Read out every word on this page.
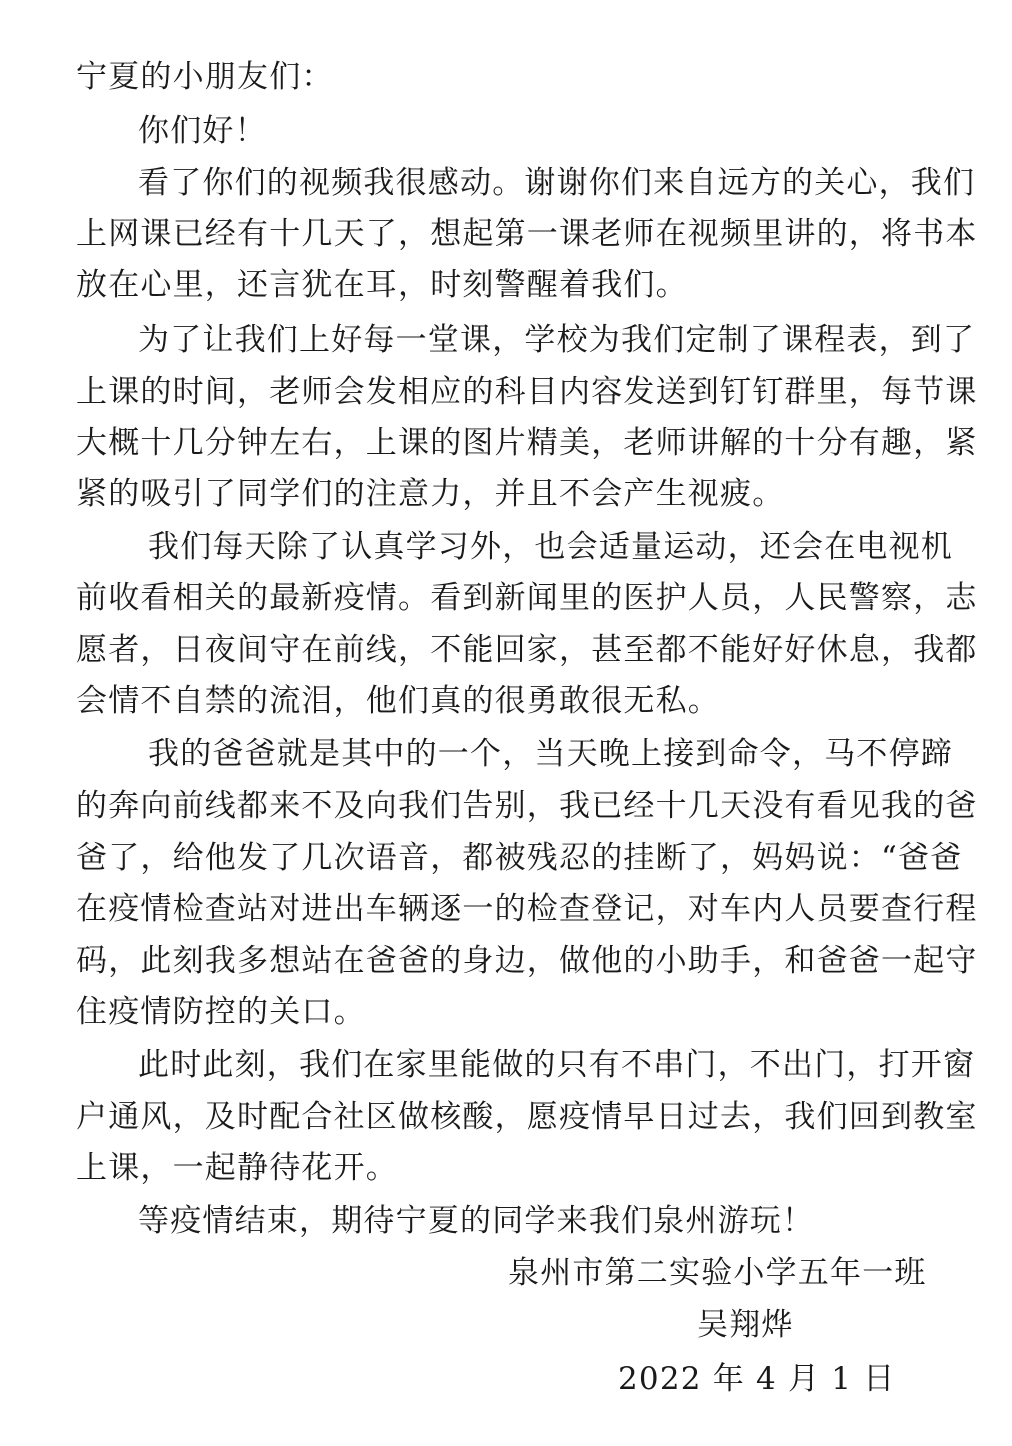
宁夏的小朋友们：
你们好！
看了你们的视频我很感动。谢谢你们来自远方的关心，我们
上网课已经有十几天了，想起第一课老师在视频里讲的，将书本
放在心里，还言犹在耳，时刻警醒着我们。
为了让我们上好每一堂课，学校为我们定制了课程表，到了
上课的时间，老师会发相应的科目内容发送到钉钉群里，每节课
大概十几分钟左右，上课的图片精美，老师讲解的十分有趣，紧
紧的吸引了同学们的注意力，并且不会产生视疲。
我们每天除了认真学习外，也会适量运动，还会在电视机
前收看相关的最新疫情。看到新闻里的医护人员，人民警察，志
愿者，日夜间守在前线，不能回家，甚至都不能好好休息，我都
会情不自禁的流泪，他们真的很勇敢很无私。
我的爸爸就是其中的一个，当天晚上接到命令，马不停蹄
的奔向前线都来不及向我们告别，我已经十几天没有看见我的爸
爸了，给他发了几次语音，都被残忍的挂断了，妈妈说：“爸爸
在疫情检查站对进出车辆逐一的检查登记，对车内人员要查行程
码，此刻我多想站在爸爸的身边，做他的小助手，和爸爸一起守
住疫情防控的关口。
此时此刻，我们在家里能做的只有不串门，不出门，打开窗
户通风，及时配合社区做核酸，愿疫情早日过去，我们回到教室
上课，一起静待花开。
等疫情结束，期待宁夏的同学来我们泉州游玩！
泉州市第二实验小学五年一班
吴翔烨
2022 年 4 月 1 日
